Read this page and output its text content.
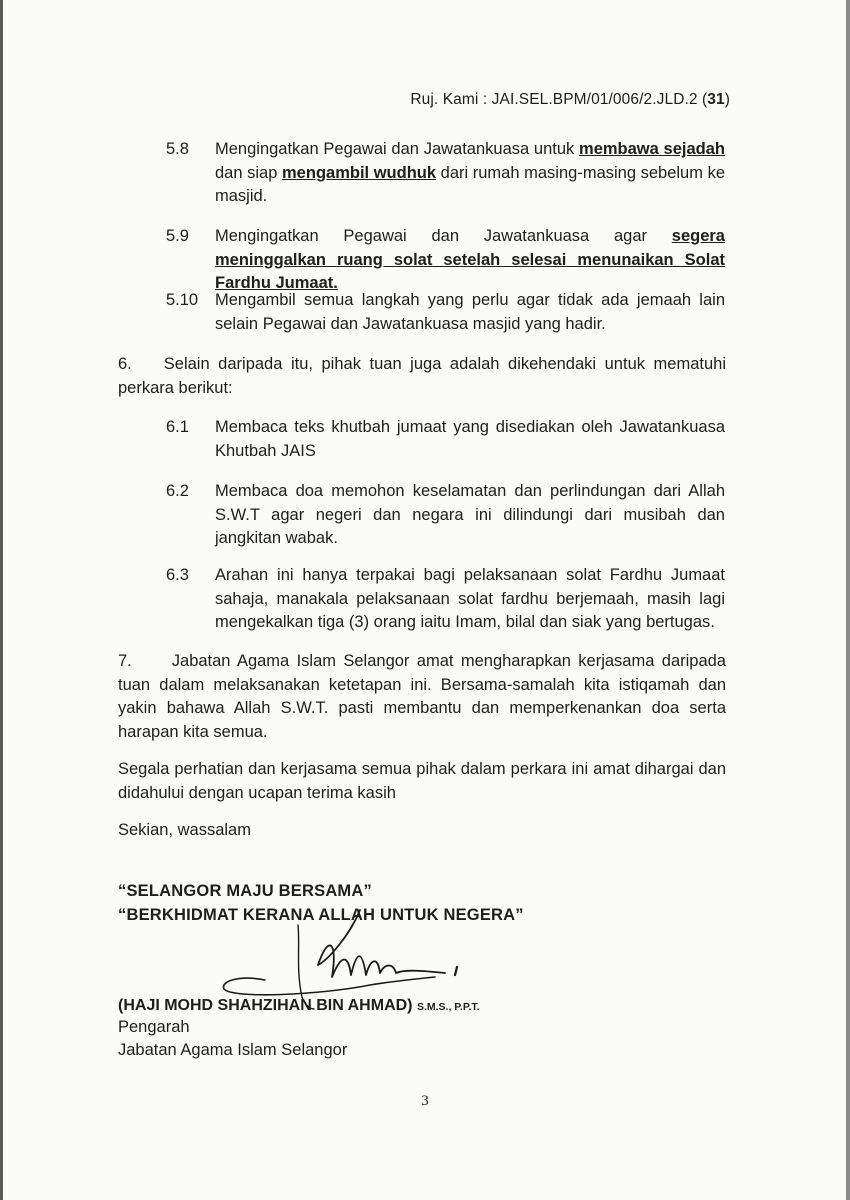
Ruj. Kami : JAI.SEL.BPM/01/006/2.JLD.2 (31)
5.8 Mengingatkan Pegawai dan Jawatankuasa untuk membawa sejadah dan siap mengambil wudhuk dari rumah masing-masing sebelum ke masjid.
5.9 Mengingatkan Pegawai dan Jawatankuasa agar segera meninggalkan ruang solat setelah selesai menunaikan Solat Fardhu Jumaat.
5.10 Mengambil semua langkah yang perlu agar tidak ada jemaah lain selain Pegawai dan Jawatankuasa masjid yang hadir.
6. Selain daripada itu, pihak tuan juga adalah dikehendaki untuk mematuhi perkara berikut:
6.1 Membaca teks khutbah jumaat yang disediakan oleh Jawatankuasa Khutbah JAIS
6.2 Membaca doa memohon keselamatan dan perlindungan dari Allah S.W.T agar negeri dan negara ini dilindungi dari musibah dan jangkitan wabak.
6.3 Arahan ini hanya terpakai bagi pelaksanaan solat Fardhu Jumaat sahaja, manakala pelaksanaan solat fardhu berjemaah, masih lagi mengekalkan tiga (3) orang iaitu Imam, bilal dan siak yang bertugas.
7. Jabatan Agama Islam Selangor amat mengharapkan kerjasama daripada tuan dalam melaksanakan ketetapan ini. Bersama-samalah kita istiqamah dan yakin bahawa Allah S.W.T. pasti membantu dan memperkenankan doa serta harapan kita semua.
Segala perhatian dan kerjasama semua pihak dalam perkara ini amat dihargai dan didahului dengan ucapan terima kasih
Sekian, wassalam
“SELANGOR MAJU BERSAMA”
“BERKHIDMAT KERANA ALLAH UNTUK NEGERA”
(HAJI MOHD SHAHZIHAN BIN AHMAD) S.M.S., P.P.T.
Pengarah
Jabatan Agama Islam Selangor
3
